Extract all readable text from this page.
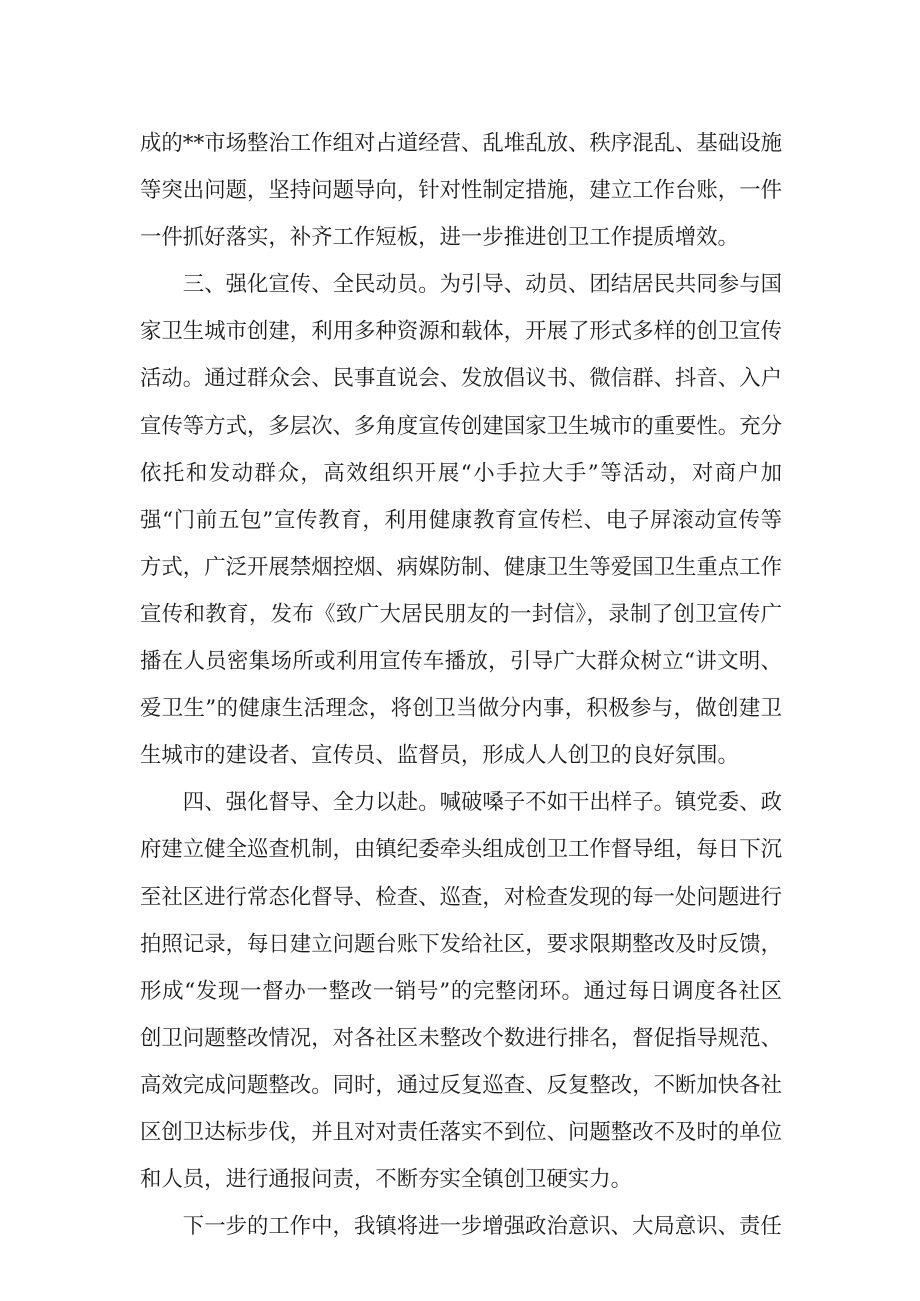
成的**市场整治工作组对占道经营、乱堆乱放、秩序混乱、基础设施等突出问题，坚持问题导向，针对性制定措施，建立工作台账，一件一件抓好落实，补齐工作短板，进一步推进创卫工作提质增效。

三、强化宣传、全民动员。为引导、动员、团结居民共同参与国家卫生城市创建，利用多种资源和载体，开展了形式多样的创卫宣传活动。通过群众会、民事直说会、发放倡议书、微信群、抖音、入户宣传等方式，多层次、多角度宣传创建国家卫生城市的重要性。充分依托和发动群众，高效组织开展“小手拉大手”等活动，对商户加强“门前五包”宣传教育，利用健康教育宣传栏、电子屏滚动宣传等方式，广泛开展禁烟控烟、病媒防制、健康卫生等爱国卫生重点工作宣传和教育，发布《致广大居民朋友的一封信》，录制了创卫宣传广播在人员密集场所或利用宣传车播放，引导广大群众树立“讲文明、爱卫生”的健康生活理念，将创卫当做分内事，积极参与，做创建卫生城市的建设者、宣传员、监督员，形成人人创卫的良好氛围。

四、强化督导、全力以赴。喊破嗓子不如干出样子。镇党委、政府建立健全巡查机制，由镇纪委牵头组成创卫工作督导组，每日下沉至社区进行常态化督导、检查、巡查，对检查发现的每一处问题进行拍照记录，每日建立问题台账下发给社区，要求限期整改及时反馈，形成“发现一督办一整改一销号”的完整闭环。通过每日调度各社区创卫问题整改情况，对各社区未整改个数进行排名，督促指导规范、高效完成问题整改。同时，通过反复巡查、反复整改，不断加快各社区创卫达标步伐，并且对对责任落实不到位、问题整改不及时的单位和人员，进行通报问责，不断夯实全镇创卫硬实力。

下一步的工作中，我镇将进一步增强政治意识、大局意识、责任
